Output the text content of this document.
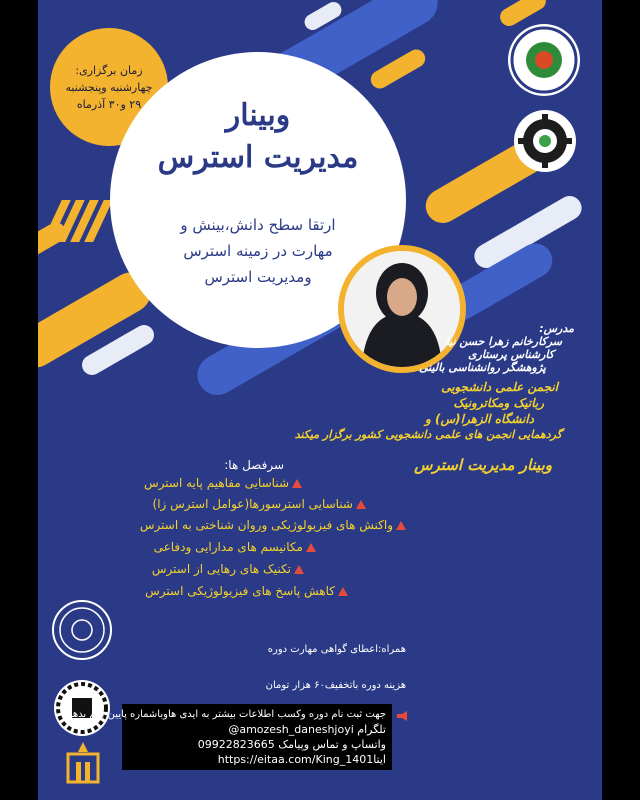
زمان برگزاری:
چهارشنبه وپنجشنبه
۲۹ و۳۰ آذرماه	وبینار
مدیریت استرس
ارتقا سطح دانش،بینش و
مهارت در زمینه استرس
ومدیریت استرس
مدرس:
سرکارخانم زهرا حسن نیا
کارشناس پرستاری
پژوهشگر روانشناسی بالینی
انجمن علمی دانشجویی
رباتیک ومکاترونیک
دانشگاه الزهرا(س) و
گردهمایی انجمن های علمی دانشجویی کشور برگزار میکند
وبینار مدیریت استرس
سرفصل ها:
شناسایی مفاهیم پایه استرس
شناسایی استرسورها(عوامل استرس زا)
واکنش های فیزیولوژیکی وروان شناختی به استرس
مکانیسم های مدارایی ودفاعی
تکنیک های رهایی از استرس
کاهش پاسخ های فیزیولوژیکی استرس
همراه:اعطای گواهی مهارت دوره
هزینه دوره باتخفیف۶۰ هزار تومان
جهت ثبت نام دوره وکسب اطلاعات بیشتر به ایدی هاوباشماره پایین پیام بدهید
تلگرام @amozesh_daneshjoyi
واتساپ و تماس وپیامک 09922823665
ایتاhttps://eitaa.com/King_1401
